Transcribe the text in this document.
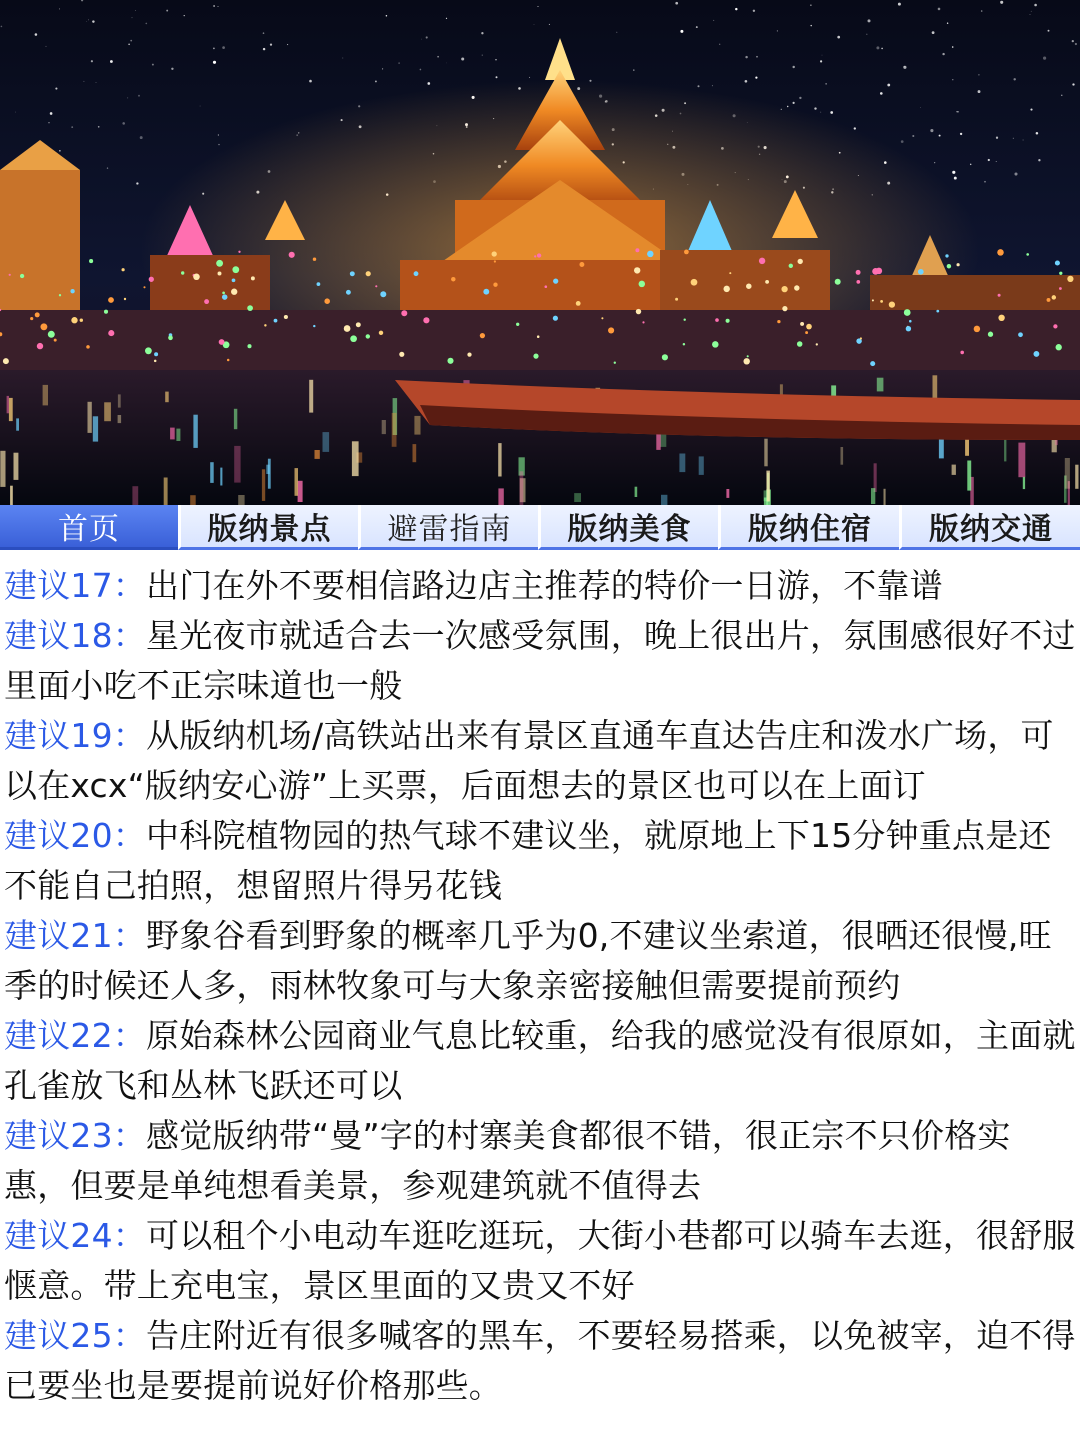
首页	版纳景点	避雷指南	版纳美食	版纳住宿	版纳交通

建议17：出门在外不要相信路边店主推荐的特价一日游，不靠谱

建议18：星光夜市就适合去一次感受氛围，晚上很出片，氛围感很好不过里面小吃不正宗味道也一般

建议19：从版纳机场/高铁站出来有景区直通车直达告庄和泼水广场，可以在xcx“版纳安心游”上买票，后面想去的景区也可以在上面订

建议20：中科院植物园的热气球不建议坐，就原地上下15分钟重点是还不能自己拍照，想留照片得另花钱

建议21：野象谷看到野象的概率几乎为0,不建议坐索道，很晒还很慢,旺季的时候还人多，雨林牧象可与大象亲密接触但需要提前预约

建议22：原始森林公园商业气息比较重，给我的感觉没有很原如，主面就孔雀放飞和丛林飞跃还可以

建议23：感觉版纳带“曼”字的村寨美食都很不错，很正宗不只价格实惠，但要是单纯想看美景，参观建筑就不值得去

建议24：可以租个小电动车逛吃逛玩，大街小巷都可以骑车去逛，很舒服惬意。带上充电宝，景区里面的又贵又不好

建议25：告庄附近有很多喊客的黑车，不要轻易搭乘，以免被宰，迫不得已要坐也是要提前说好价格那些。
